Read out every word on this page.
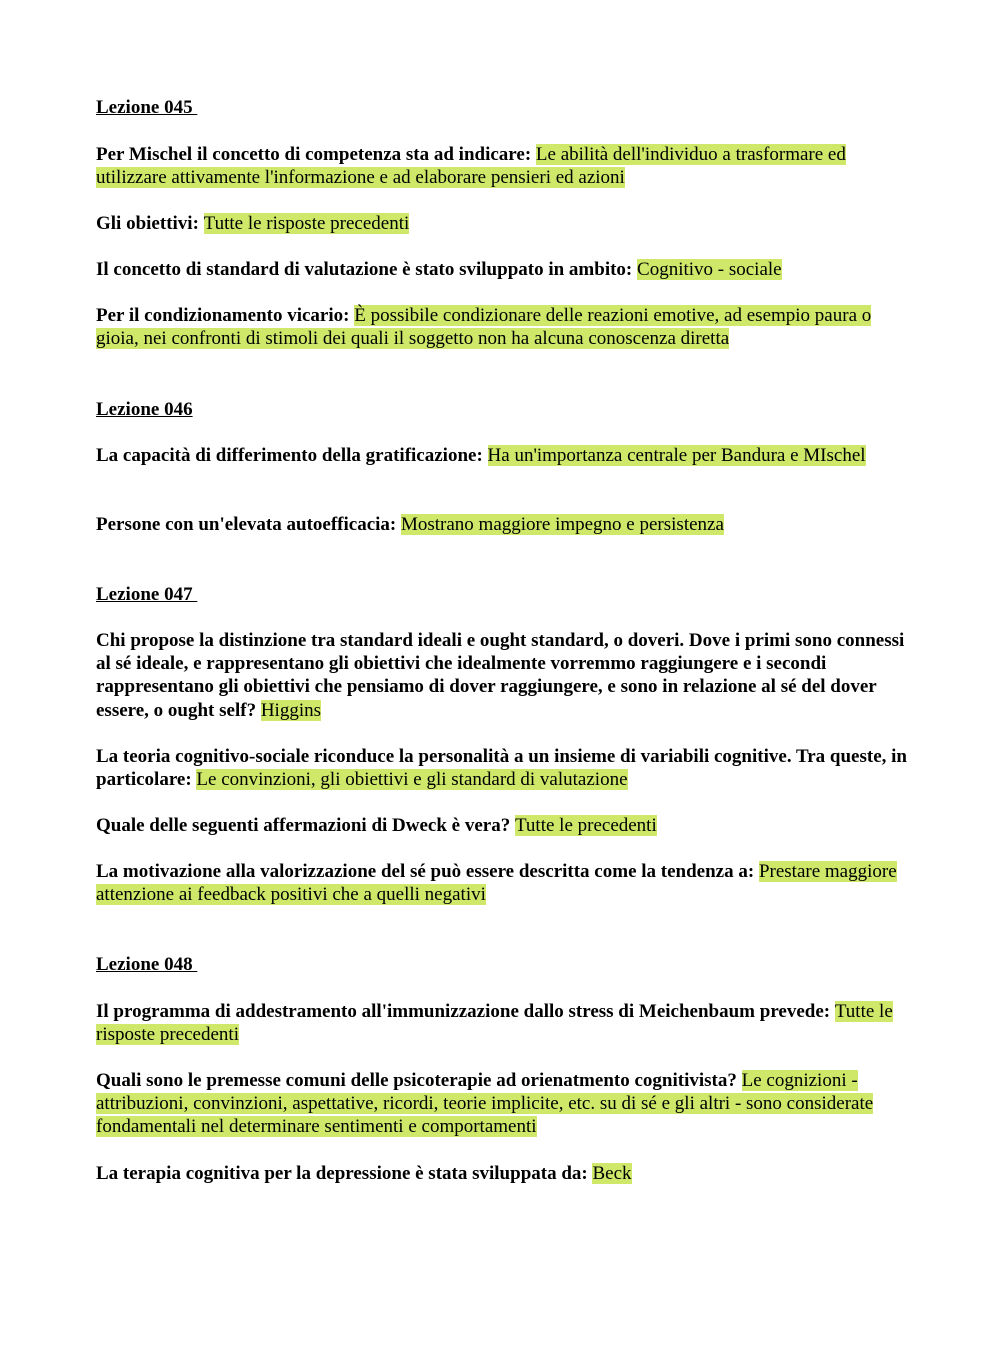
Lezione 045
Per Mischel il concetto di competenza sta ad indicare: Le abilità dell'individuo a trasformare ed utilizzare attivamente l'informazione e ad elaborare pensieri ed azioni
Gli obiettivi: Tutte le risposte precedenti
Il concetto di standard di valutazione è stato sviluppato in ambito: Cognitivo - sociale
Per il condizionamento vicario: È possibile condizionare delle reazioni emotive, ad esempio paura o gioia, nei confronti di stimoli dei quali il soggetto non ha alcuna conoscenza diretta
Lezione 046
La capacità di differimento della gratificazione: Ha un'importanza centrale per Bandura e MIschel
Persone con un'elevata autoefficacia: Mostrano maggiore impegno e persistenza
Lezione 047
Chi propose la distinzione tra standard ideali e ought standard, o doveri. Dove i primi sono connessi al sé ideale, e rappresentano gli obiettivi che idealmente vorremmo raggiungere e i secondi rappresentano gli obiettivi che pensiamo di dover raggiungere, e sono in relazione al sé del dover essere, o ought self? Higgins
La teoria cognitivo-sociale riconduce la personalità a un insieme di variabili cognitive. Tra queste, in particolare: Le convinzioni, gli obiettivi e gli standard di valutazione
Quale delle seguenti affermazioni di Dweck è vera? Tutte le precedenti
La motivazione alla valorizzazione del sé può essere descritta come la tendenza a: Prestare maggiore attenzione ai feedback positivi che a quelli negativi
Lezione 048
Il programma di addestramento all'immunizzazione dallo stress di Meichenbaum prevede: Tutte le risposte precedenti
Quali sono le premesse comuni delle psicoterapie ad orienatmento cognitivista? Le cognizioni - attribuzioni, convinzioni, aspettative, ricordi, teorie implicite, etc. su di sé e gli altri - sono considerate fondamentali nel determinare sentimenti e comportamenti
La terapia cognitiva per la depressione è stata sviluppata da: Beck
